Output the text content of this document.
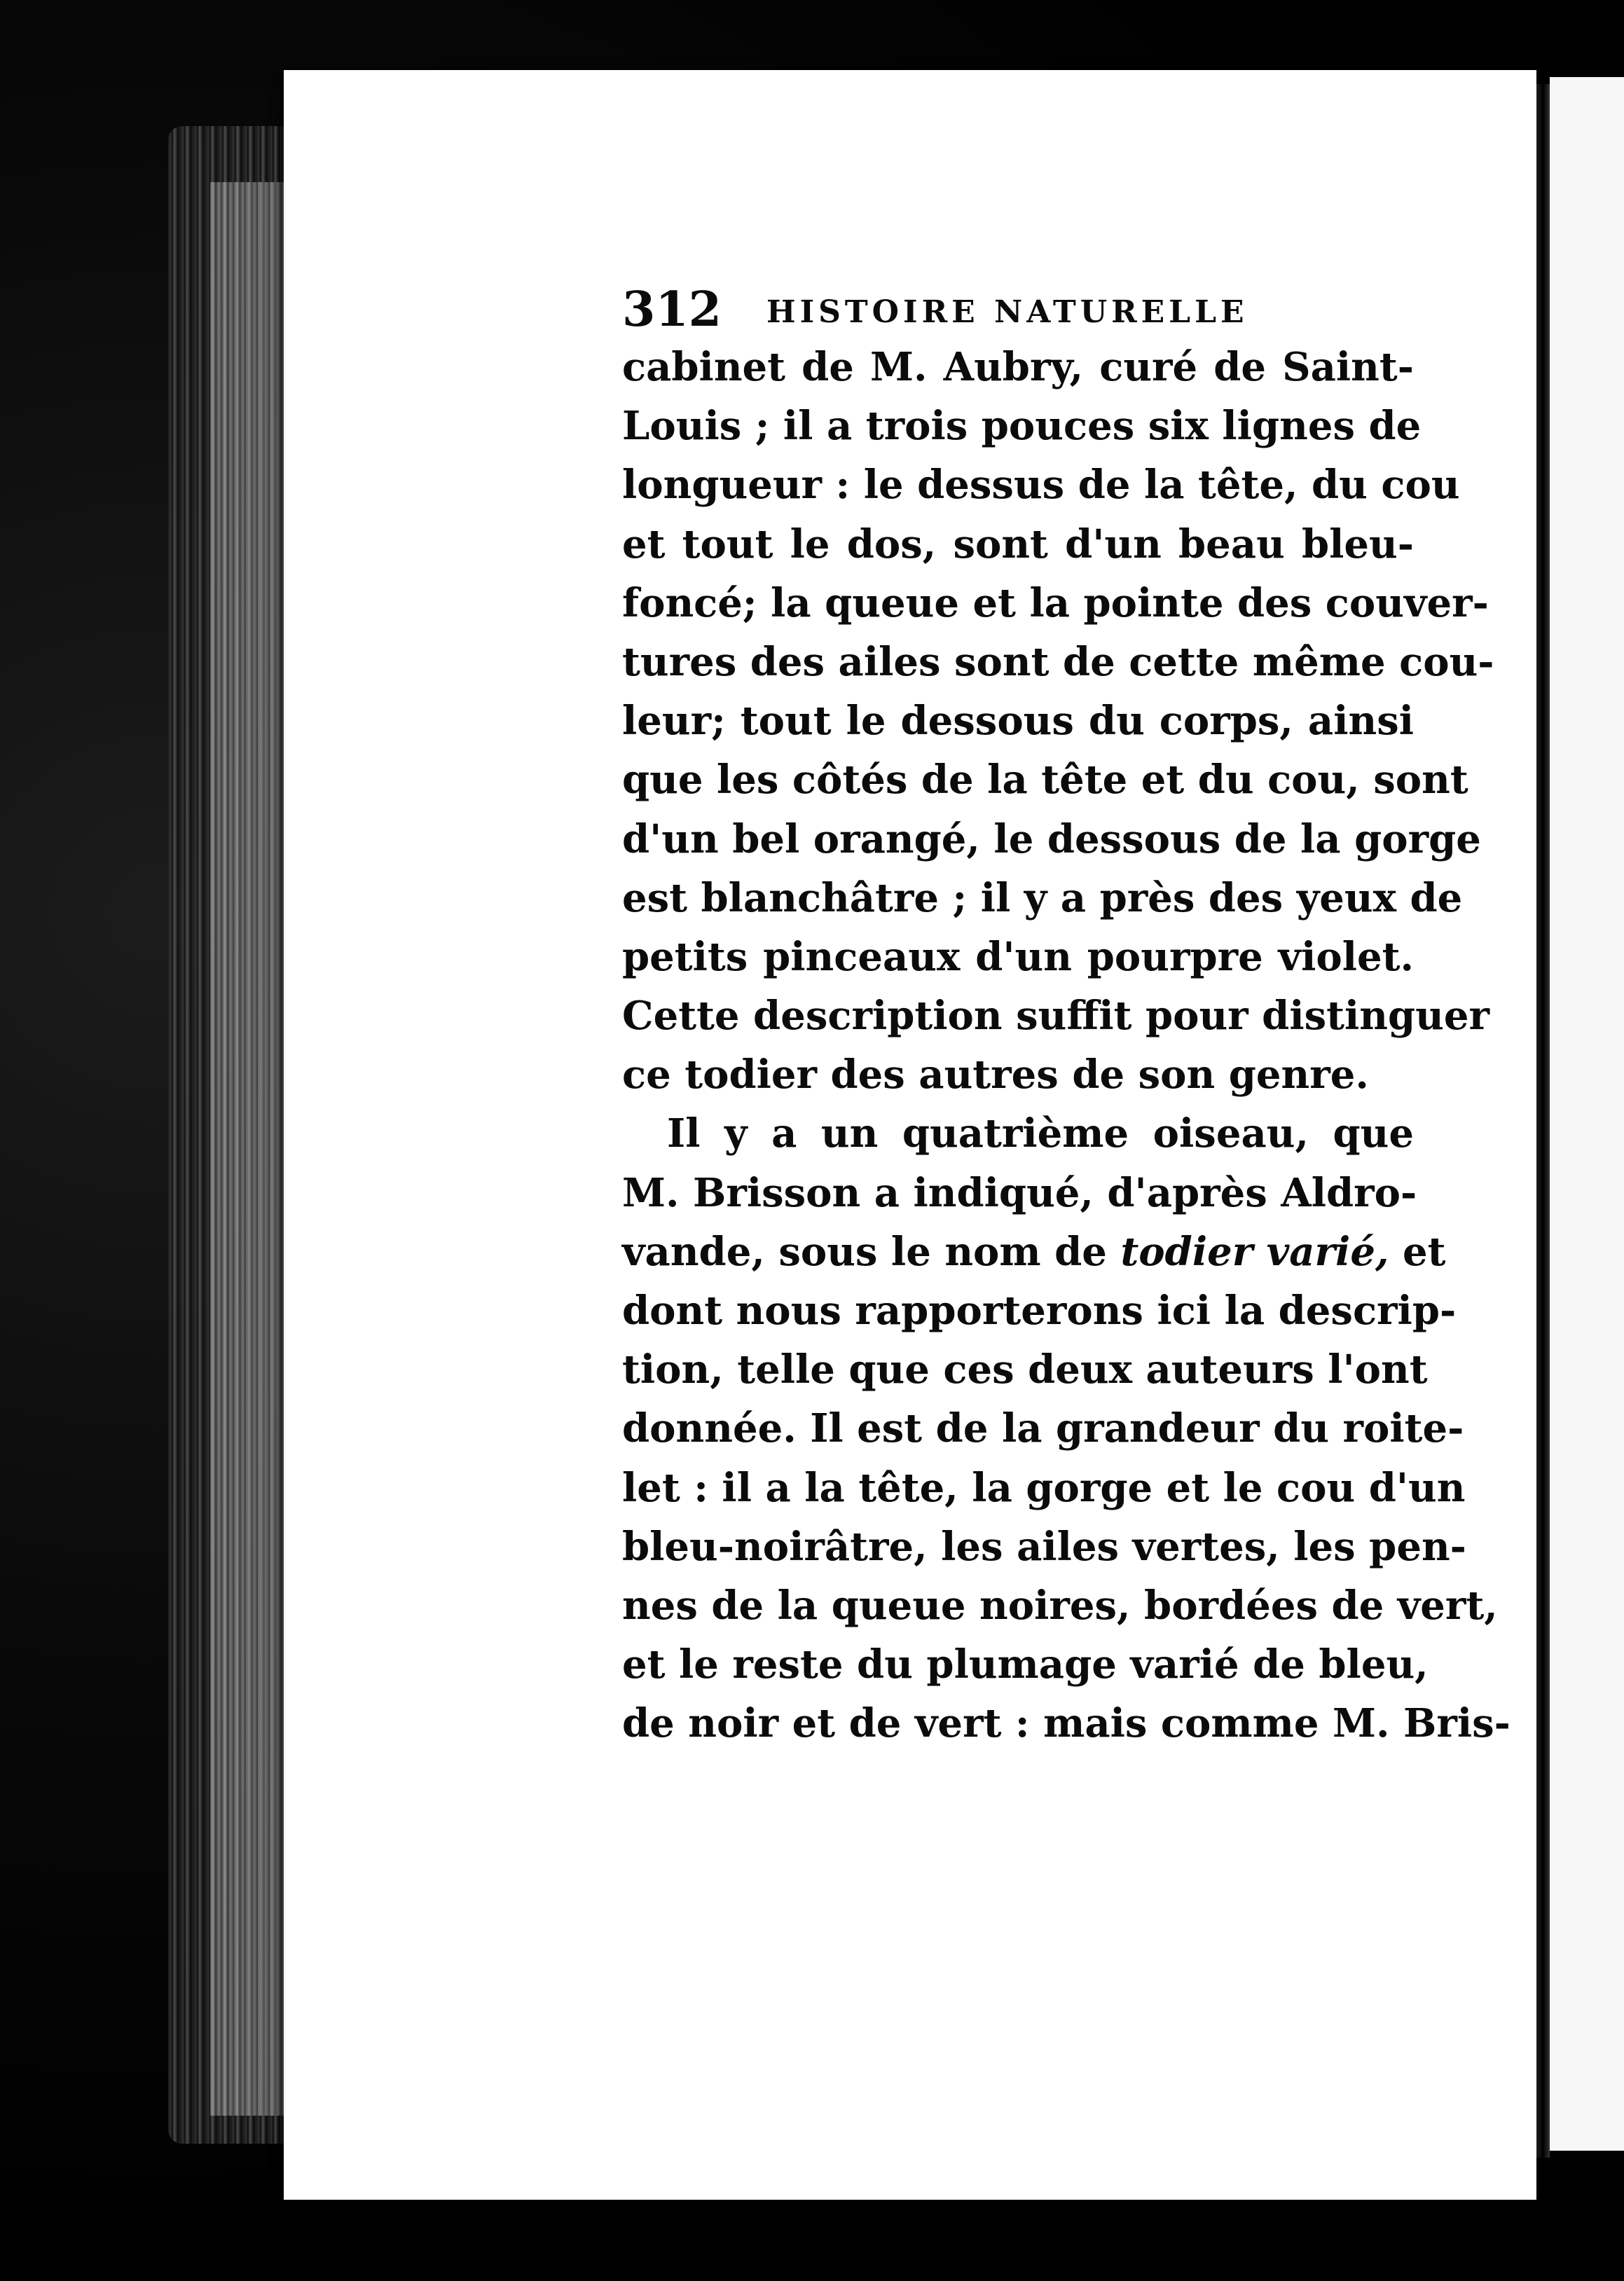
312 HISTOIRE NATURELLE
cabinet de M. Aubry, curé de Saint-
Louis ; il a trois pouces six lignes de
longueur : le dessus de la tête, du cou
et tout le dos, sont d'un beau bleu-
foncé; la queue et la pointe des couver-
tures des ailes sont de cette même cou-
leur; tout le dessous du corps, ainsi
que les côtés de la tête et du cou, sont
d'un bel orangé, le dessous de la gorge
est blanchâtre ; il y a près des yeux de
petits pinceaux d'un pourpre violet.
Cette description suffit pour distinguer
ce todier des autres de son genre.
Il y a un quatrième oiseau, que
M. Brisson a indiqué, d'après Aldro-
vande, sous le nom de todier varié, et
dont nous rapporterons ici la descrip-
tion, telle que ces deux auteurs l'ont
donnée. Il est de la grandeur du roite-
let : il a la tête, la gorge et le cou d'un
bleu-noirâtre, les ailes vertes, les pen-
nes de la queue noires, bordées de vert,
et le reste du plumage varié de bleu,
de noir et de vert : mais comme M. Bris-
